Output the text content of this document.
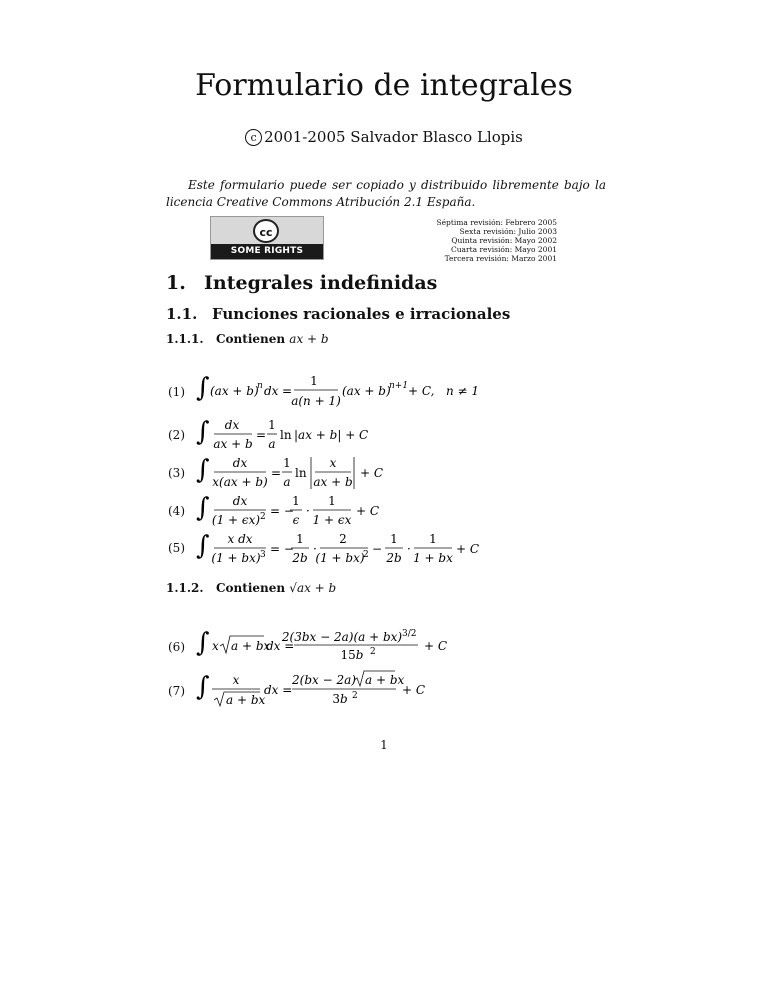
Formulario de integrales
c 2001-2005 Salvador Blasco Llopis
Este formulario puede ser copiado y distribuido libremente bajo la licencia Creative Commons Atribución 2.1 España.
cc
SOME RIGHTS RESERVED
Séptima revisión: Febrero 2005
Sexta revisión: Julio 2003
Quinta revisión: Mayo 2002
Cuarta revisión: Mayo 2001
Tercera revisión: Marzo 2001
1. Integrales indefinidas
1.1. Funciones racionales e irracionales
1.1.1. Contienen ax + b
(1)
(2)
(3)
(4)
(5)
(6)
(7)
∫ (ax + b)
n dx =
1
a(n + 1)
(ax + b)
n+1 + C, n ≠ 1
∫ dx
ax + b
=
1
a
ln |ax + b| + C
∫ dx
x(ax + b)
=
1
a
ln
x
ax + b
+ C
∫ dx
(1 + ϵx) 2 = −
1
ϵ
·
1
1 + ϵx
+ C
∫ x dx
(1 + bx) 3 = −
1
2b
·
2
(1 + bx)
2 −
1
2b
·
1
1 + bx
+ C
1.1.2. Contienen √ax + b
∫ x a + bx
dx =
2(3bx − 2a)(a + bx) 3/2
15b 2	+ C
∫ x
a + bx
dx =
2(bx − 2a) a + bx
3b 2	+ C
1
